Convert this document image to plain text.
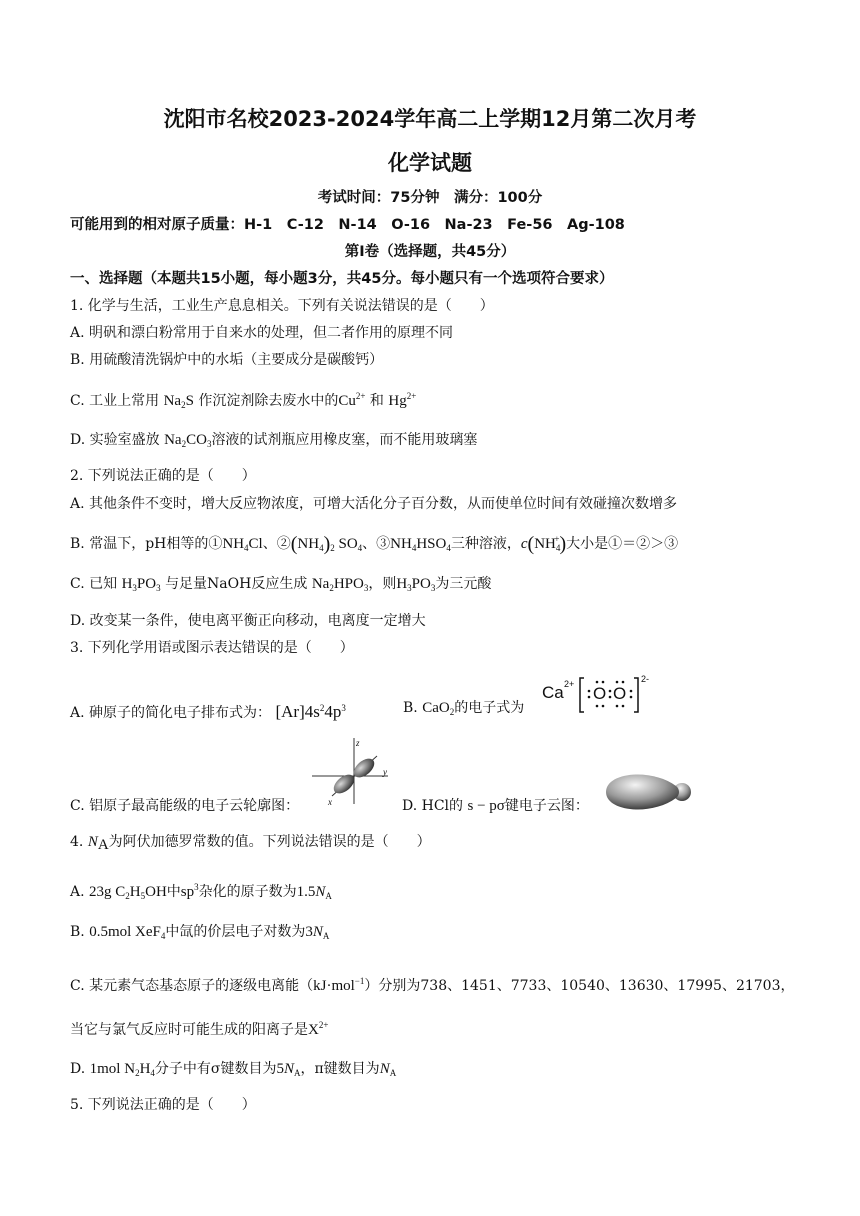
沈阳市名校2023-2024学年高二上学期12月第二次月考
化学试题
考试时间：75分钟　满分：100分
可能用到的相对原子质量：H-1　C-12　N-14　O-16　Na-23　Fe-56　Ag-108
第Ⅰ卷（选择题，共45分）
一、选择题（本题共15小题，每小题3分，共45分。每小题只有一个选项符合要求）
1. 化学与生活，工业生产息息相关。下列有关说法错误的是（　　）
A. 明矾和漂白粉常用于自来水的处理，但二者作用的原理不同
B. 用硫酸清洗锅炉中的水垢（主要成分是碳酸钙）
C. 工业上常用 $Na_2S$ 作沉淀剂除去废水中的$Cu^{2+}$ 和 $Hg^{2+}$
D. 实验室盛放 $Na_2CO_3$溶液的试剂瓶应用橡皮塞，而不能用玻璃塞
2. 下列说法正确的是（　　）
A. 其他条件不变时，增大反应物浓度，可增大活化分子百分数，从而使单位时间有效碰撞次数增多
B. 常温下，pH相等的$①NH_4Cl$、$②(NH_4)_2$ $SO_4$、$③NH_4HSO_4$三种溶液，$c(NH_4^+)$大小是①＝②＞③
C. 已知 $H_3PO_3$ 与足量NaOH反应生成 $Na_2HPO_3$，则$H_3PO_3$为三元酸
D. 改变某一条件，使电离平衡正向移动，电离度一定增大
3. 下列化学用语或图示表达错误的是（　　）
A. 砷原子的简化电子排布式为： $[Ar]4s^24p^3$	B. CaO$_2$的电子式为
Ca 2+ O O
2-
z
y
x
C. 铝原子最高能级的电子云轮廓图：	D. HCl的 s − pσ键电子云图：
4. NA为阿伏加德罗常数的值。下列说法错误的是（　　）
A. 23g $C_2H_5OH$中$sp^3$杂化的原子数为$1.5N_A$
B. 0.5mol XeF$_4$中氙的价层电子对数为$3N_A$
C. 某元素气态基态原子的逐级电离能（kJ·mol$^{-1}$）分别为738、1451、7733、10540、13630、17995、21703，
当它与氯气反应时可能生成的阳离子是$X^{2+}$
D. 1mol $N_2H_4$分子中有σ键数目为$5N_A$，π键数目为$N_A$
5. 下列说法正确的是（　　）
